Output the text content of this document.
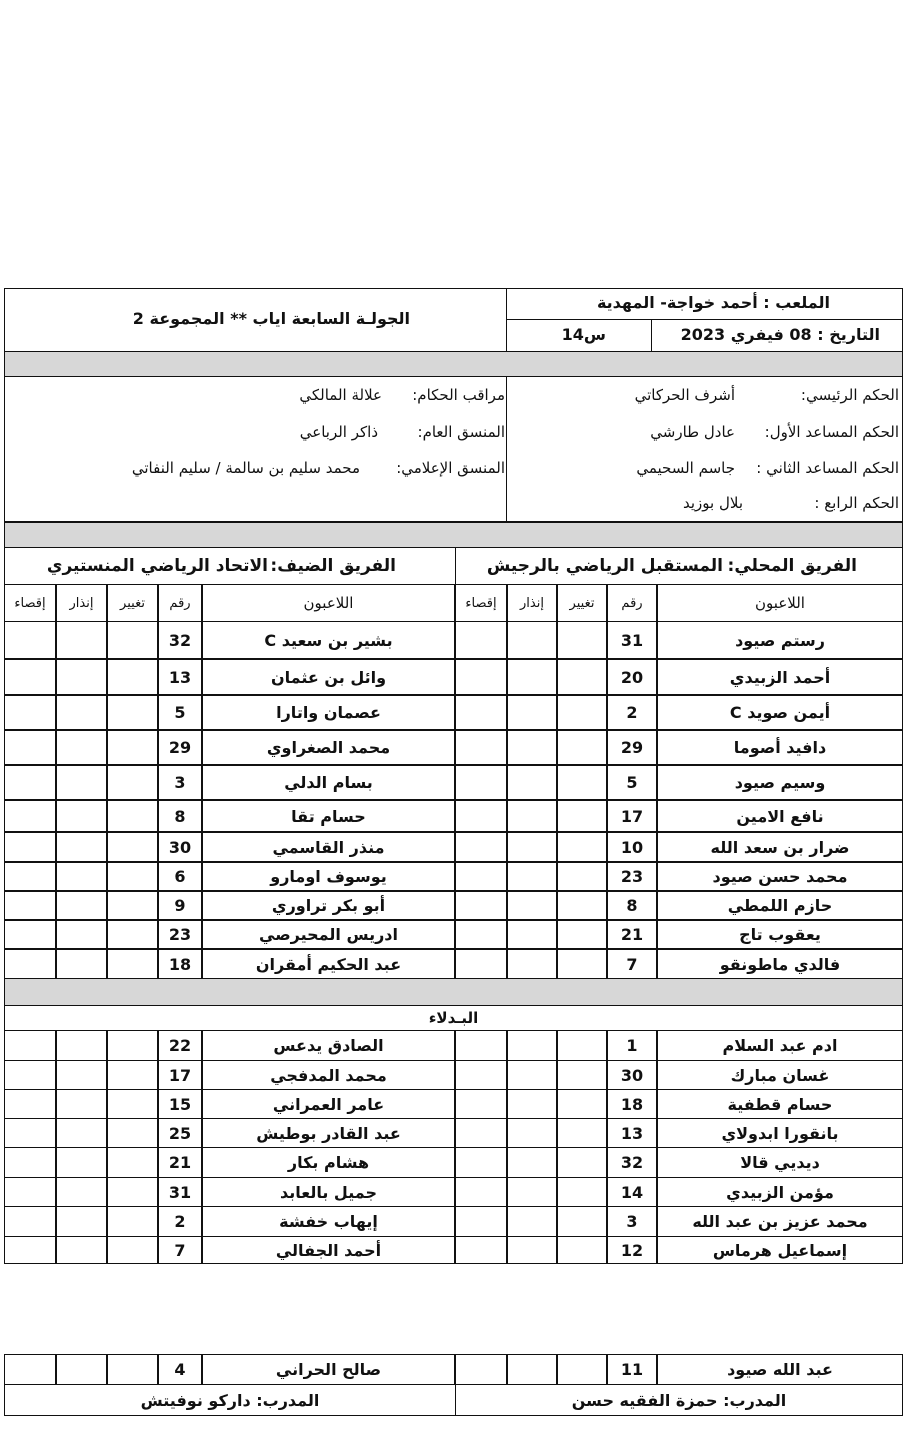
الجولـة السابعة اياب ** المجموعة 2
الملعب : أحمد خواجة- المهدية
س14	التاريخ : 08 فيفري 2023
الحكم الرئيسي:
أشرف الحركاتي
الحكم المساعد الأول:
عادل طارشي
الحكم المساعد الثاني :
جاسم السحيمي
الحكم الرابع :
بلال بوزيد
مراقب الحكام:
علالة المالكي
المنسق العام:
ذاكر الرباعي
المنسق الإعلامي:
محمد سليم بن سالمة / سليم النفاتي
الفريق الضيف:
الاتحاد الرياضي المنستيري	الفريق المحلي:
المستقبل الرياضي بالرجيش
إقصاء	إنذار	تغيير	رقم	اللاعبون	إقصاء	إنذار	تغيير	رقم	اللاعبون
32	بشير بن سعيد C	31	رستم صيود
13	وائل بن عثمان	20	أحمد الزبيدي
5	عصمان واتارا	2	أيمن صويد C
29	محمد الصغراوي	29	دافيد أصوما
3	بسام الدلي	5	وسيم صيود
8	حسام تقا	17	نافع الامين
30	منذر القاسمي	10	ضرار بن سعد الله
6	يوسوف اومارو	23	محمد حسن صيود
9	أبو بكر تراوري	8	حازم اللمطي
23	ادريس المحيرصي	21	يعقوب تاج
18	عبد الحكيم أمقران	7	فالدي ماطونقو
البـدلاء
22	الصادق يدعس	1	ادم عبد السلام
17	محمد المدفجي	30	غسان مبارك
15	عامر العمراني	18	حسام قطفية
25	عبد القادر بوطيش	13	بانقورا ابدولاي
21	هشام بكار	32	ديديي قالا
31	جميل بالعابد	14	مؤمن الزبيدي
2	إيهاب خفشة	3	محمد عزيز بن عبد الله
7	أحمد الجفالي	12	إسماعيل هرماس
4	صالح الحراني	11	عبد الله صيود
المدرب: داركو نوفيتش	المدرب: حمزة الفقيه حسن
